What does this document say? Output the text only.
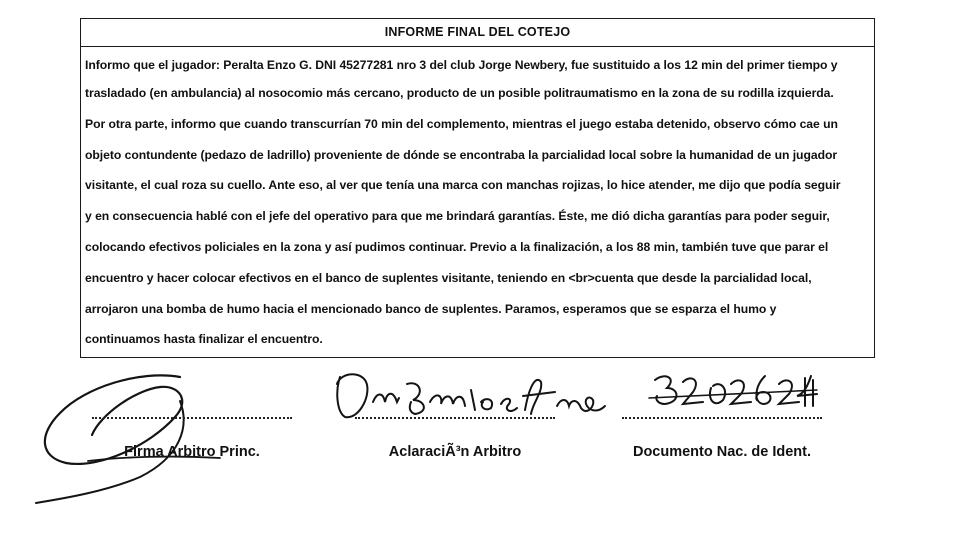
INFORME FINAL DEL COTEJO
Informo que el jugador: Peralta Enzo G. DNI 45277281 nro 3 del club Jorge Newbery, fue sustituido a los 12 min del primer tiempo y
trasladado (en ambulancia) al nosocomio más cercano, producto de un posible politraumatismo en la zona de su rodilla izquierda.
Por otra parte, informo que cuando transcurrían 70 min del complemento, mientras el juego estaba detenido, observo cómo cae un
objeto contundente (pedazo de ladrillo) proveniente de dónde se encontraba la parcialidad local sobre la humanidad de un jugador
visitante, el cual roza su cuello. Ante eso, al ver que tenía una marca con manchas rojizas, lo hice atender, me dijo que podía seguir
y en consecuencia hablé con el jefe del operativo para que me brindará garantías. Éste, me dió dicha garantías para poder seguir,
colocando efectivos policiales en la zona y así pudimos continuar. Previo a la finalización, a los 88 min, también tuve que parar el
encuentro y hacer colocar efectivos en el banco de suplentes visitante, teniendo en <br>cuenta que desde la parcialidad local,
arrojaron una bomba de humo hacia el mencionado banco de suplentes. Paramos, esperamos que se esparza el humo y
continuamos hasta finalizar el encuentro.
Firma Arbitro Princ.	AclaraciÃ³n Arbitro	Documento Nac. de Ident.
